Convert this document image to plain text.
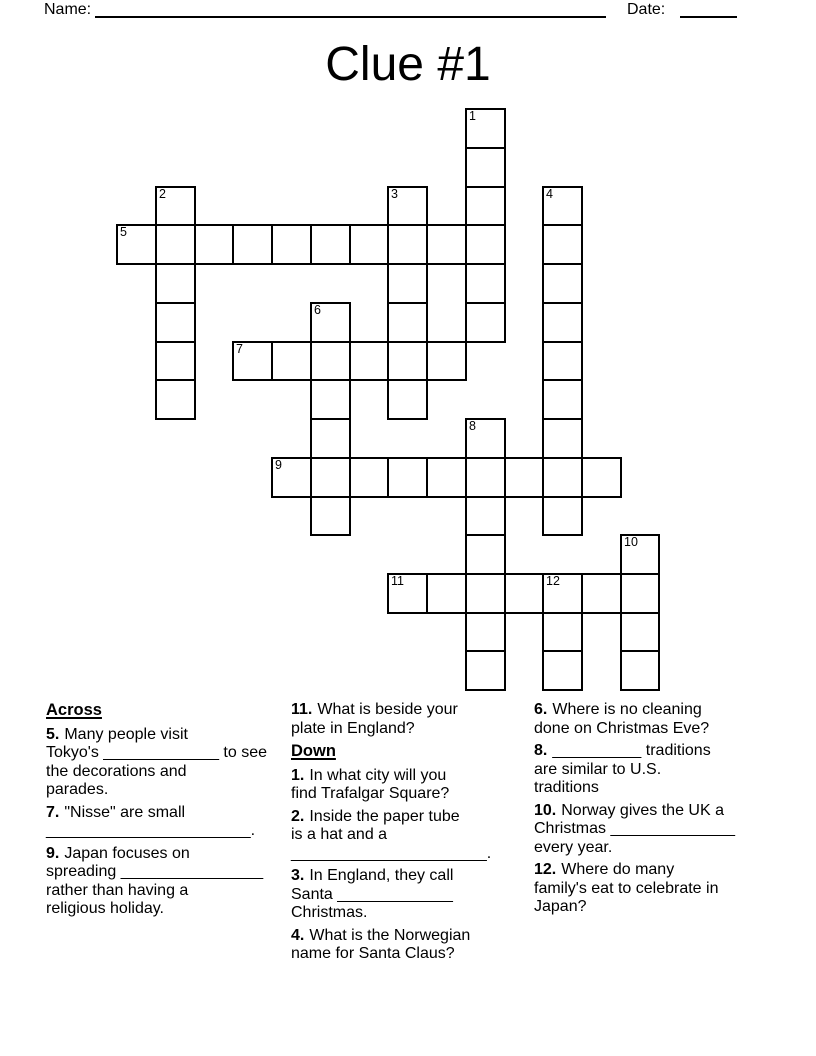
Name:	Date:
Clue #1
5
7
9
11	12
1
2	3	4
6
8
10
Across
5. Many people visit
Tokyo's _____________ to see
the decorations and
parades.
7. "Nisse" are small
_______________________.
9. Japan focuses on
spreading ________________
rather than having a
religious holiday.
11. What is beside your
plate in England?
Down
1. In what city will you
find Trafalgar Square?
2. Inside the paper tube
is a hat and a
______________________.
3. In England, they call
Santa _____________
Christmas.
4. What is the Norwegian
name for Santa Claus?
6. Where is no cleaning
done on Christmas Eve?
8. __________ traditions
are similar to U.S.
traditions
10. Norway gives the UK a
Christmas ______________
every year.
12. Where do many
family's eat to celebrate in
Japan?
